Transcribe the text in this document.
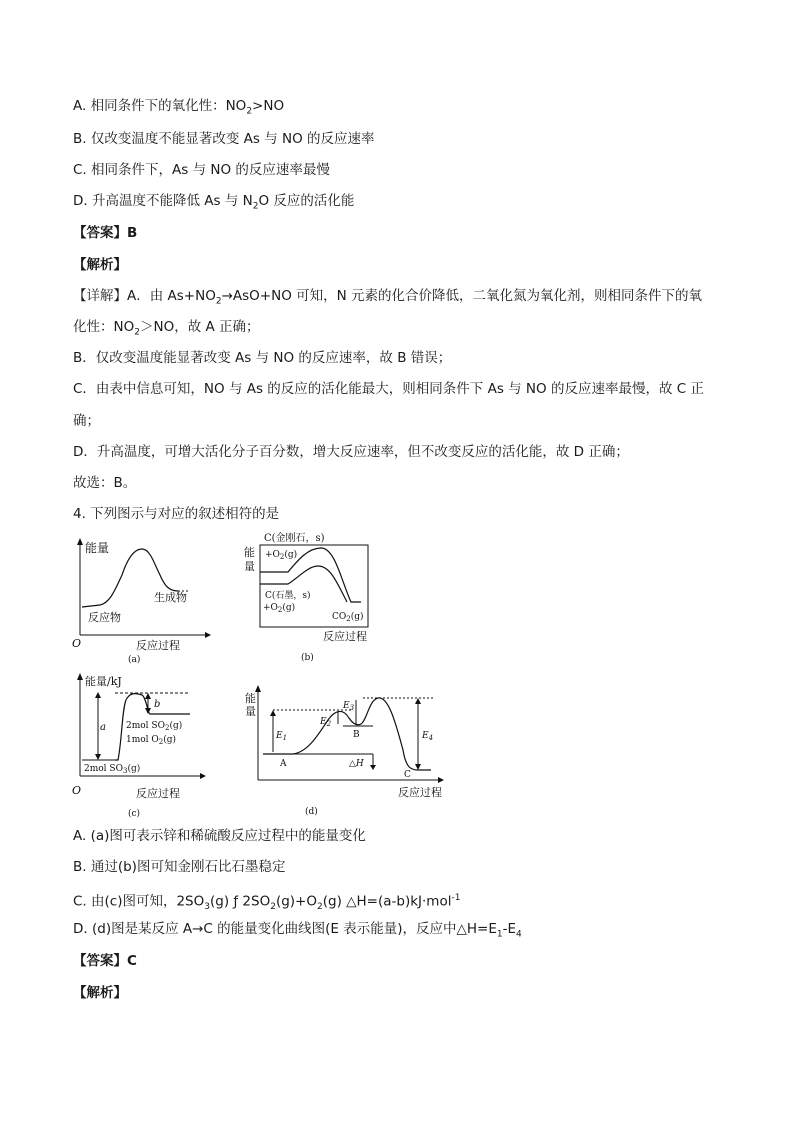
A. 相同条件下的氧化性：$NO_2>NO$
B. 仅改变温度不能显著改变 As 与 NO 的反应速率
C. 相同条件下，As 与 NO 的反应速率最慢
D. 升高温度不能降低 As 与 $N_2O$ 反应的活化能
【答案】B
【解析】
【详解】A．由 $As+NO_2\to AsO+NO$ 可知，N 元素的化合价降低，二氧化氮为氧化剂，则相同条件下的氧
化性：$NO_2>NO$，故 A 正确；
B．仅改变温度能显著改变 As 与 NO 的反应速率，故 B 错误；
C．由表中信息可知，NO 与 As 的反应的活化能最大，则相同条件下 As 与 NO 的反应速率最慢，故 C 正
确；
D．升高温度，可增大活化分子百分数，增大反应速率，但不改变反应的活化能，故 D 正确；
故选：B。
4. 下列图示与对应的叙述相符的是
能量
O	反应过程
生成物
反应物
(a)
能
量
C(金刚石，s)
$+O_2(g)$
C(石墨，s)
$+O_2(g)$
$CO_2(g)$
反应过程
(b)
能量/kJ
O	反应过程
a
b
2mol $SO_2(g)$
1mol $O_2(g)$
2mol $SO_3(g)$
(c)
能
量
$E_1$
$E_2$
$E_3$
$E_4$
△H
A
B
C
反应过程
(d)
A. (a)图可表示锌和稀硫酸反应过程中的能量变化
B. 通过(b)图可知金刚石比石墨稳定
C. 由(c)图可知，$2SO_3(g)$ ƒ $2SO_2(g)+O_2(g)$ △H=(a-b)kJ·mol$^{-1}$
D. (d)图是某反应 A→C 的能量变化曲线图(E 表示能量)，反应中$\triangle H=E_1-E_4$
【答案】C
【解析】
